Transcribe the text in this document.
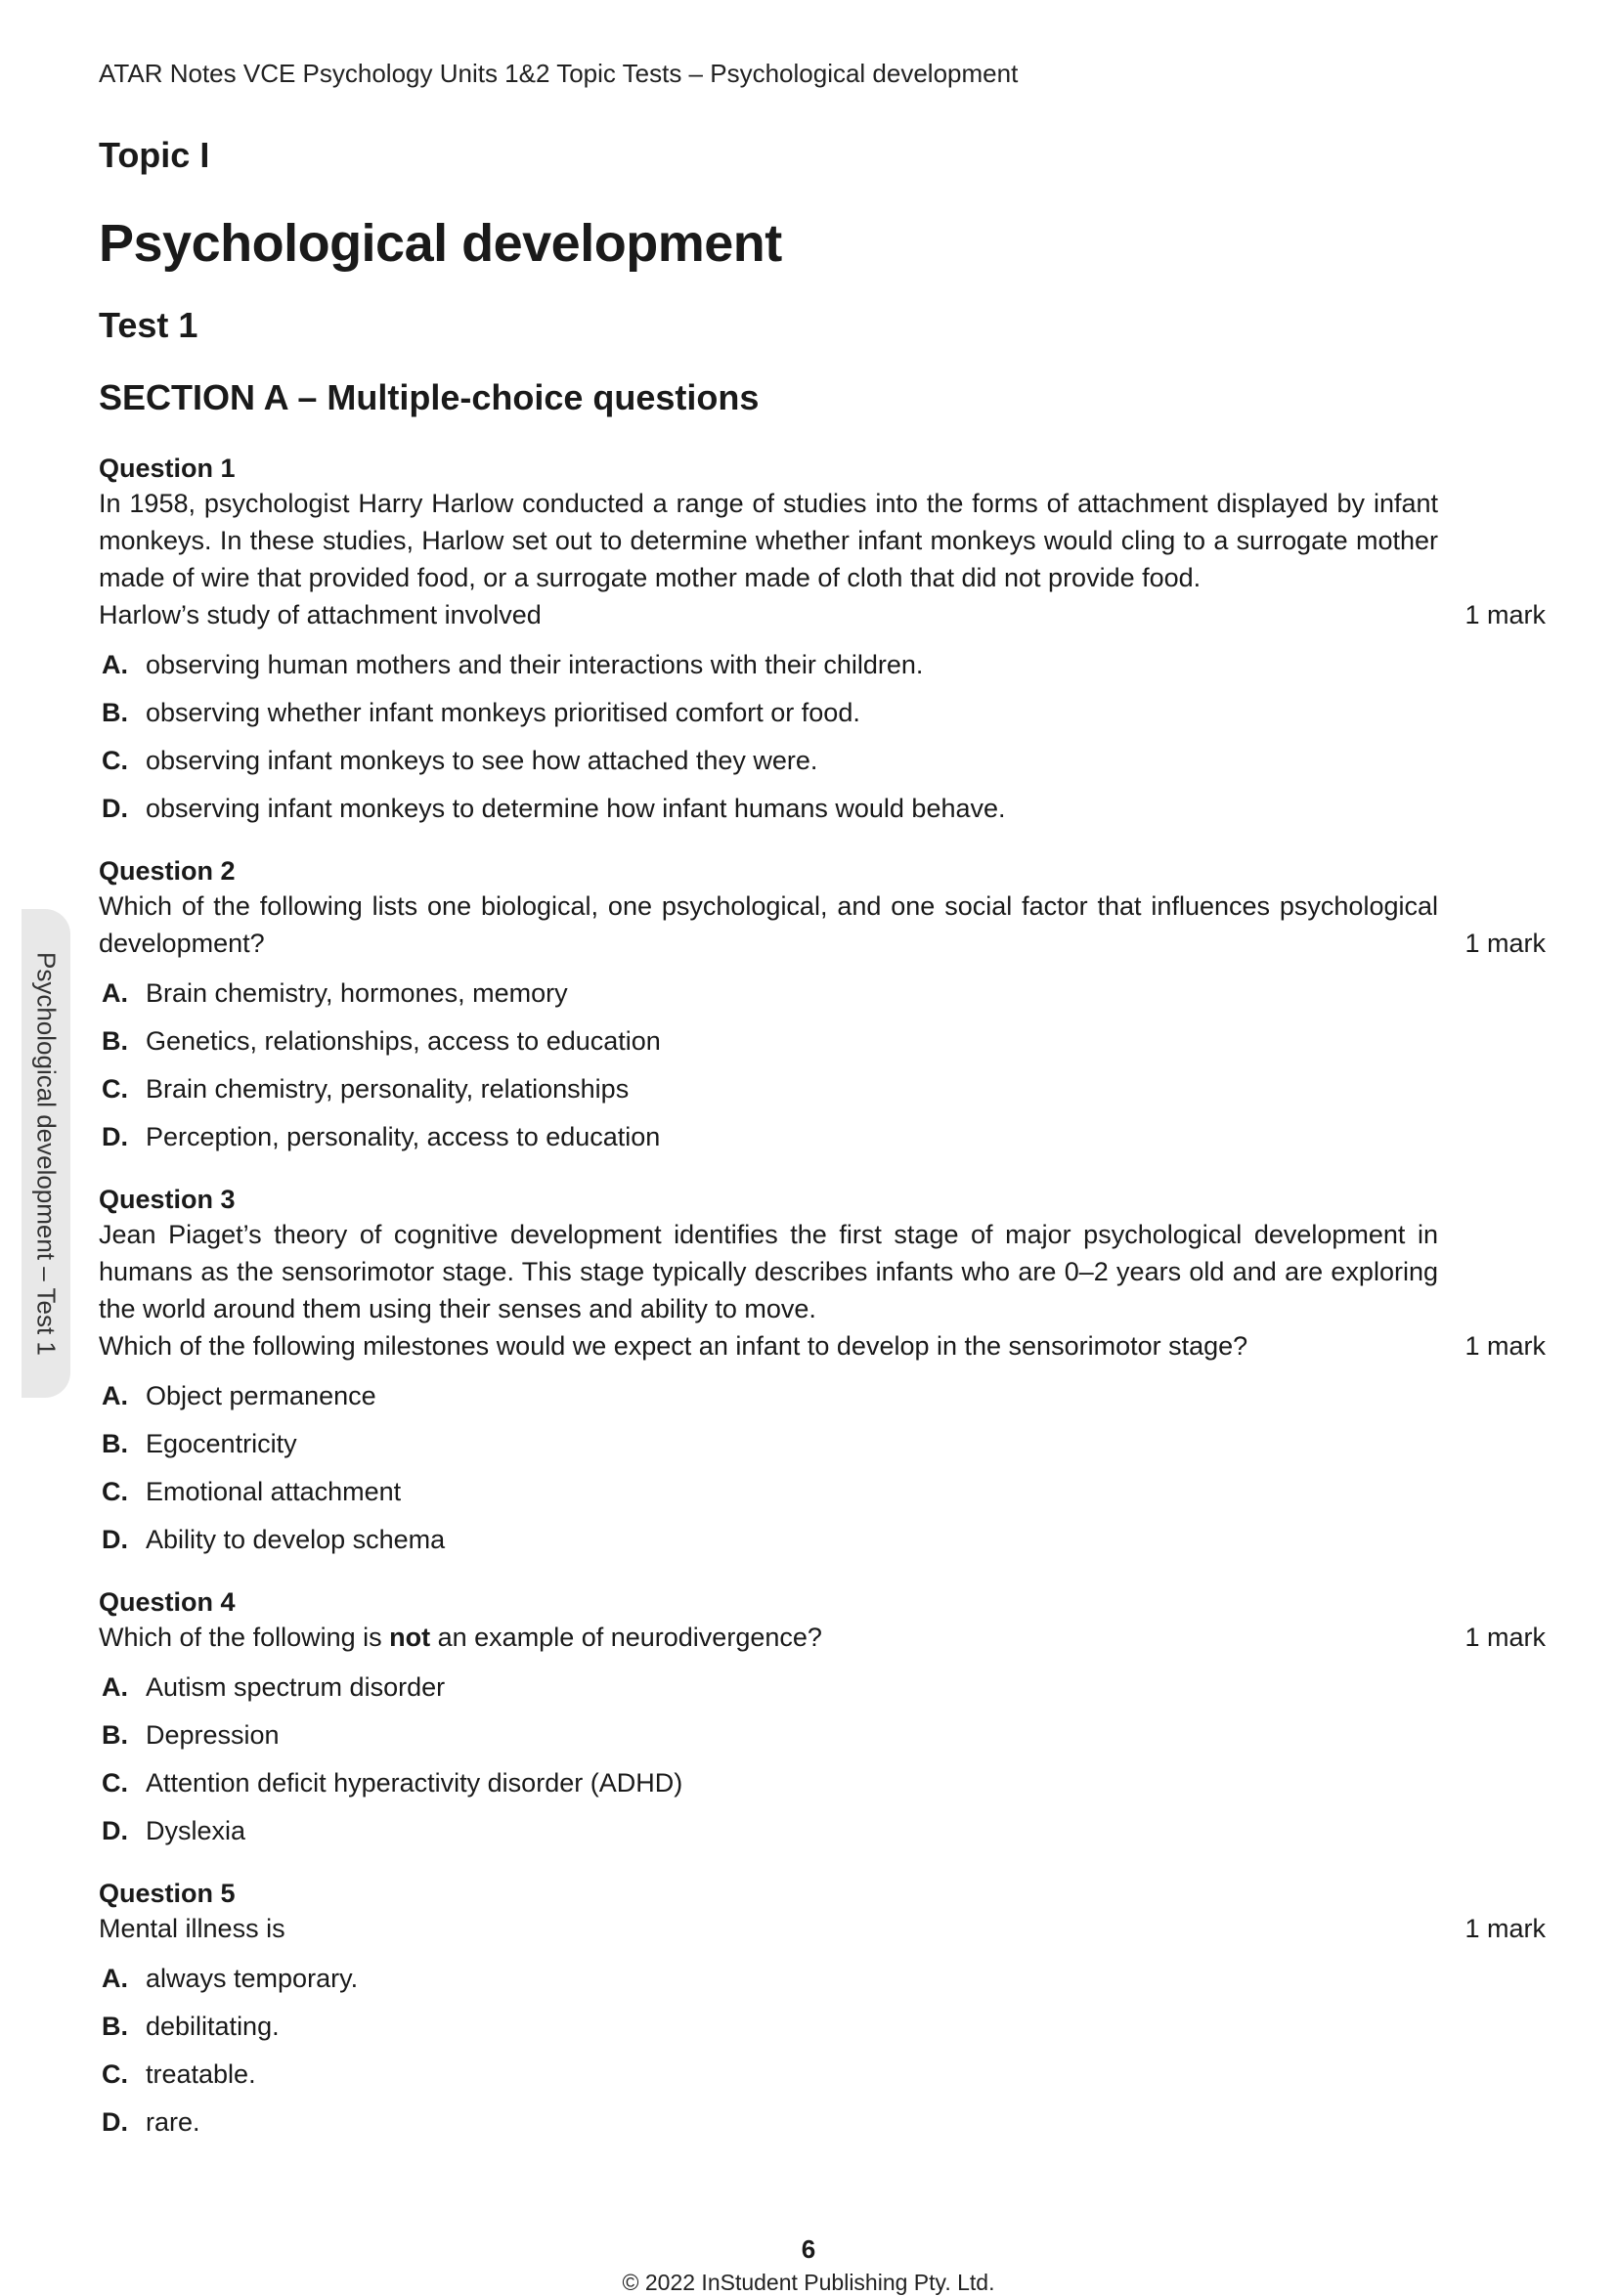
Psychological development – Test 1
ATAR Notes VCE Psychology Units 1&2 Topic Tests – Psychological development
Topic I
Psychological development
Test 1
SECTION A – Multiple-choice questions

Question 1

In 1958, psychologist Harry Harlow conducted a range of studies into the forms of attachment displayed by infant monkeys. In these studies, Harlow set out to determine whether infant monkeys would cling to a surrogate mother made of wire that provided food, or a surrogate mother made of cloth that did not provide food.

Harlow’s study of attachment involved	1 mark
A. observing human mothers and their interactions with their children.
B. observing whether infant monkeys prioritised comfort or food.
C. observing infant monkeys to see how attached they were.
D. observing infant monkeys to determine how infant humans would behave.

Question 2

Which of the following lists one biological, one psychological, and one social factor that influences psychological development?	1 mark
A. Brain chemistry, hormones, memory
B. Genetics, relationships, access to education
C. Brain chemistry, personality, relationships
D. Perception, personality, access to education

Question 3

Jean Piaget’s theory of cognitive development identifies the first stage of major psychological development in humans as the sensorimotor stage. This stage typically describes infants who are 0–2 years old and are exploring the world around them using their senses and ability to move.

Which of the following milestones would we expect an infant to develop in the sensorimotor stage?	1 mark
A. Object permanence
B. Egocentricity
C. Emotional attachment
D. Ability to develop schema

Question 4

Which of the following is not an example of neurodivergence?	1 mark
A. Autism spectrum disorder
B. Depression
C. Attention deficit hyperactivity disorder (ADHD)
D. Dyslexia

Question 5

Mental illness is	1 mark
A. always temporary.
B. debilitating.
C. treatable.
D. rare.
6
© 2022 InStudent Publishing Pty. Ltd.
